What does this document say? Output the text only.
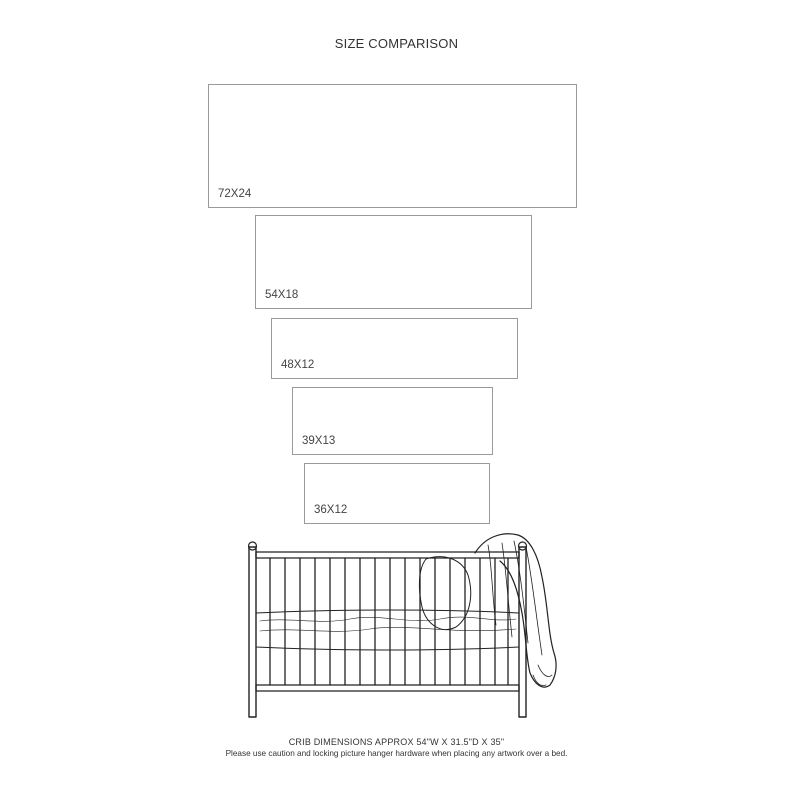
SIZE COMPARISON
72X24
54X18
48X12
39X13
36X12
CRIB DIMENSIONS APPROX 54"W X 31.5"D X 35"
Please use caution and locking picture hanger hardware when placing any artwork over a bed.
